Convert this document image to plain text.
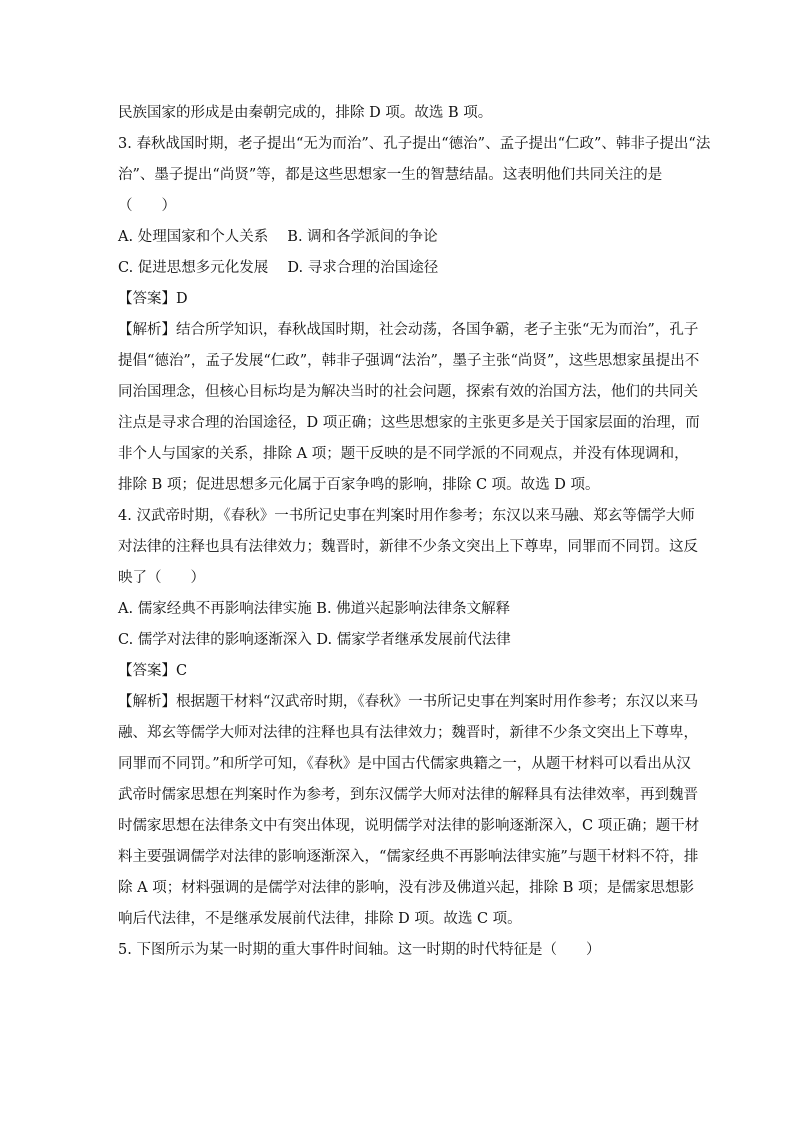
民族国家的形成是由秦朝完成的，排除 D 项。故选 B 项。
3. 春秋战国时期，老子提出“无为而治”、孔子提出“德治”、孟子提出“仁政”、韩非子提出“法
治”、墨子提出“尚贤”等，都是这些思想家一生的智慧结晶。这表明他们共同关注的是
（　　）
A. 处理国家和个人关系　 B. 调和各学派间的争论
C. 促进思想多元化发展　 D. 寻求合理的治国途径
【答案】D
【解析】结合所学知识，春秋战国时期，社会动荡，各国争霸，老子主张“无为而治”，孔子
提倡“德治”，孟子发展“仁政”，韩非子强调“法治”，墨子主张“尚贤”，这些思想家虽提出不
同治国理念，但核心目标均是为解决当时的社会问题，探索有效的治国方法，他们的共同关
注点是寻求合理的治国途径，D 项正确；这些思想家的主张更多是关于国家层面的治理，而
非个人与国家的关系，排除 A 项；题干反映的是不同学派的不同观点，并没有体现调和，
排除 B 项；促进思想多元化属于百家争鸣的影响，排除 C 项。故选 D 项。
4. 汉武帝时期，《春秋》一书所记史事在判案时用作参考；东汉以来马融、郑玄等儒学大师
对法律的注释也具有法律效力；魏晋时，新律不少条文突出上下尊卑，同罪而不同罚。这反
映了（　　）
A. 儒家经典不再影响法律实施 B. 佛道兴起影响法律条文解释
C. 儒学对法律的影响逐渐深入 D. 儒家学者继承发展前代法律
【答案】C
【解析】根据题干材料“汉武帝时期，《春秋》一书所记史事在判案时用作参考；东汉以来马
融、郑玄等儒学大师对法律的注释也具有法律效力；魏晋时，新律不少条文突出上下尊卑，
同罪而不同罚。”和所学可知，《春秋》是中国古代儒家典籍之一，从题干材料可以看出从汉
武帝时儒家思想在判案时作为参考，到东汉儒学大师对法律的解释具有法律效率，再到魏晋
时儒家思想在法律条文中有突出体现，说明儒学对法律的影响逐渐深入，C 项正确；题干材
料主要强调儒学对法律的影响逐渐深入，“儒家经典不再影响法律实施”与题干材料不符，排
除 A 项；材料强调的是儒学对法律的影响，没有涉及佛道兴起，排除 B 项；是儒家思想影
响后代法律，不是继承发展前代法律，排除 D 项。故选 C 项。
5. 下图所示为某一时期的重大事件时间轴。这一时期的时代特征是（　　）
